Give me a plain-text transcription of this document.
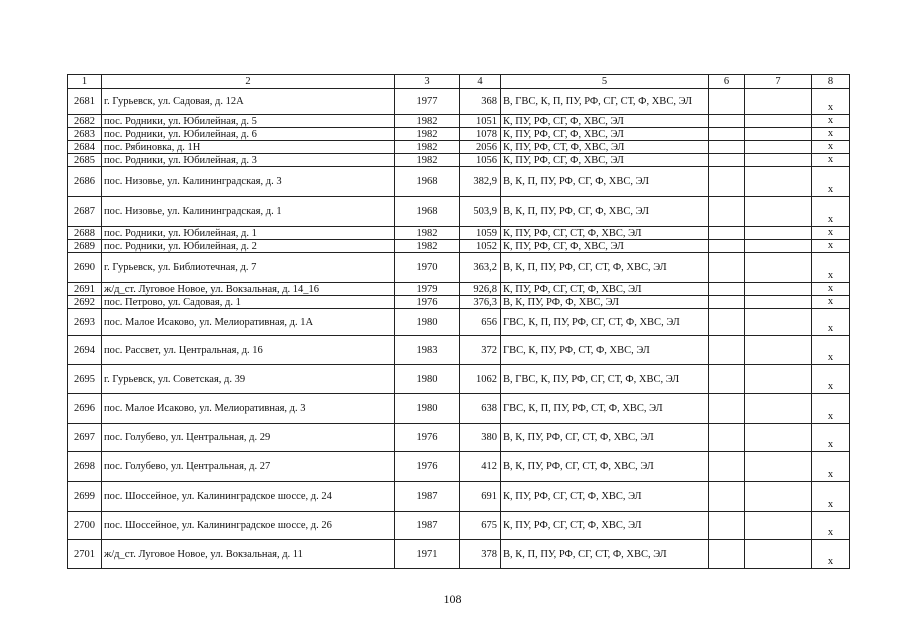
1	2	3	4	5	6	7	8
2681	г. Гурьевск, ул. Садовая, д. 12А	1977	368	В, ГВС, К, П, ПУ, РФ, СГ, СТ, Ф, ХВС, ЭЛ			х
2682	пос. Родники, ул. Юбилейная, д. 5	1982	1051	К, ПУ, РФ, СГ, Ф, ХВС, ЭЛ			х
2683	пос. Родники, ул. Юбилейная, д. 6	1982	1078	К, ПУ, РФ, СГ, Ф, ХВС, ЭЛ			х
2684	пос. Рябиновка, д. 1Н	1982	2056	К, ПУ, РФ, СТ, Ф, ХВС, ЭЛ			х
2685	пос. Родники, ул. Юбилейная, д. 3	1982	1056	К, ПУ, РФ, СГ, Ф, ХВС, ЭЛ			х
2686	пос. Низовье, ул. Калининградская, д. 3	1968	382,9	В, К, П, ПУ, РФ, СГ, Ф, ХВС, ЭЛ			х
2687	пос. Низовье, ул. Калининградская, д. 1	1968	503,9	В, К, П, ПУ, РФ, СГ, Ф, ХВС, ЭЛ			х
2688	пос. Родники, ул. Юбилейная, д. 1	1982	1059	К, ПУ, РФ, СГ, СТ, Ф, ХВС, ЭЛ			х
2689	пос. Родники, ул. Юбилейная, д. 2	1982	1052	К, ПУ, РФ, СГ, Ф, ХВС, ЭЛ			х
2690	г. Гурьевск, ул. Библиотечная, д. 7	1970	363,2	В, К, П, ПУ, РФ, СГ, СТ, Ф, ХВС, ЭЛ			х
2691	ж/д_ст. Луговое Новое, ул. Вокзальная, д. 14_16	1979	926,8	К, ПУ, РФ, СГ, СТ, Ф, ХВС, ЭЛ			х
2692	пос. Петрово, ул. Садовая, д. 1	1976	376,3	В, К, ПУ, РФ, Ф, ХВС, ЭЛ			х
2693	пос. Малое Исаково, ул. Мелиоративная, д. 1А	1980	656	ГВС, К, П, ПУ, РФ, СГ, СТ, Ф, ХВС, ЭЛ			х
2694	пос. Рассвет, ул. Центральная, д. 16	1983	372	ГВС, К, ПУ, РФ, СТ, Ф, ХВС, ЭЛ			х
2695	г. Гурьевск, ул. Советская, д. 39	1980	1062	В, ГВС, К, ПУ, РФ, СГ, СТ, Ф, ХВС, ЭЛ			х
2696	пос. Малое Исаково, ул. Мелиоративная, д. 3	1980	638	ГВС, К, П, ПУ, РФ, СТ, Ф, ХВС, ЭЛ			х
2697	пос. Голубево, ул. Центральная, д. 29	1976	380	В, К, ПУ, РФ, СГ, СТ, Ф, ХВС, ЭЛ			х
2698	пос. Голубево, ул. Центральная, д. 27	1976	412	В, К, ПУ, РФ, СГ, СТ, Ф, ХВС, ЭЛ			х
2699	пос. Шоссейное, ул. Калининградское шоссе, д. 24	1987	691	К, ПУ, РФ, СГ, СТ, Ф, ХВС, ЭЛ			х
2700	пос. Шоссейное, ул. Калининградское шоссе, д. 26	1987	675	К, ПУ, РФ, СГ, СТ, Ф, ХВС, ЭЛ			х
2701	ж/д_ст. Луговое Новое, ул. Вокзальная, д. 11	1971	378	В, К, П, ПУ, РФ, СГ, СТ, Ф, ХВС, ЭЛ			х
108
